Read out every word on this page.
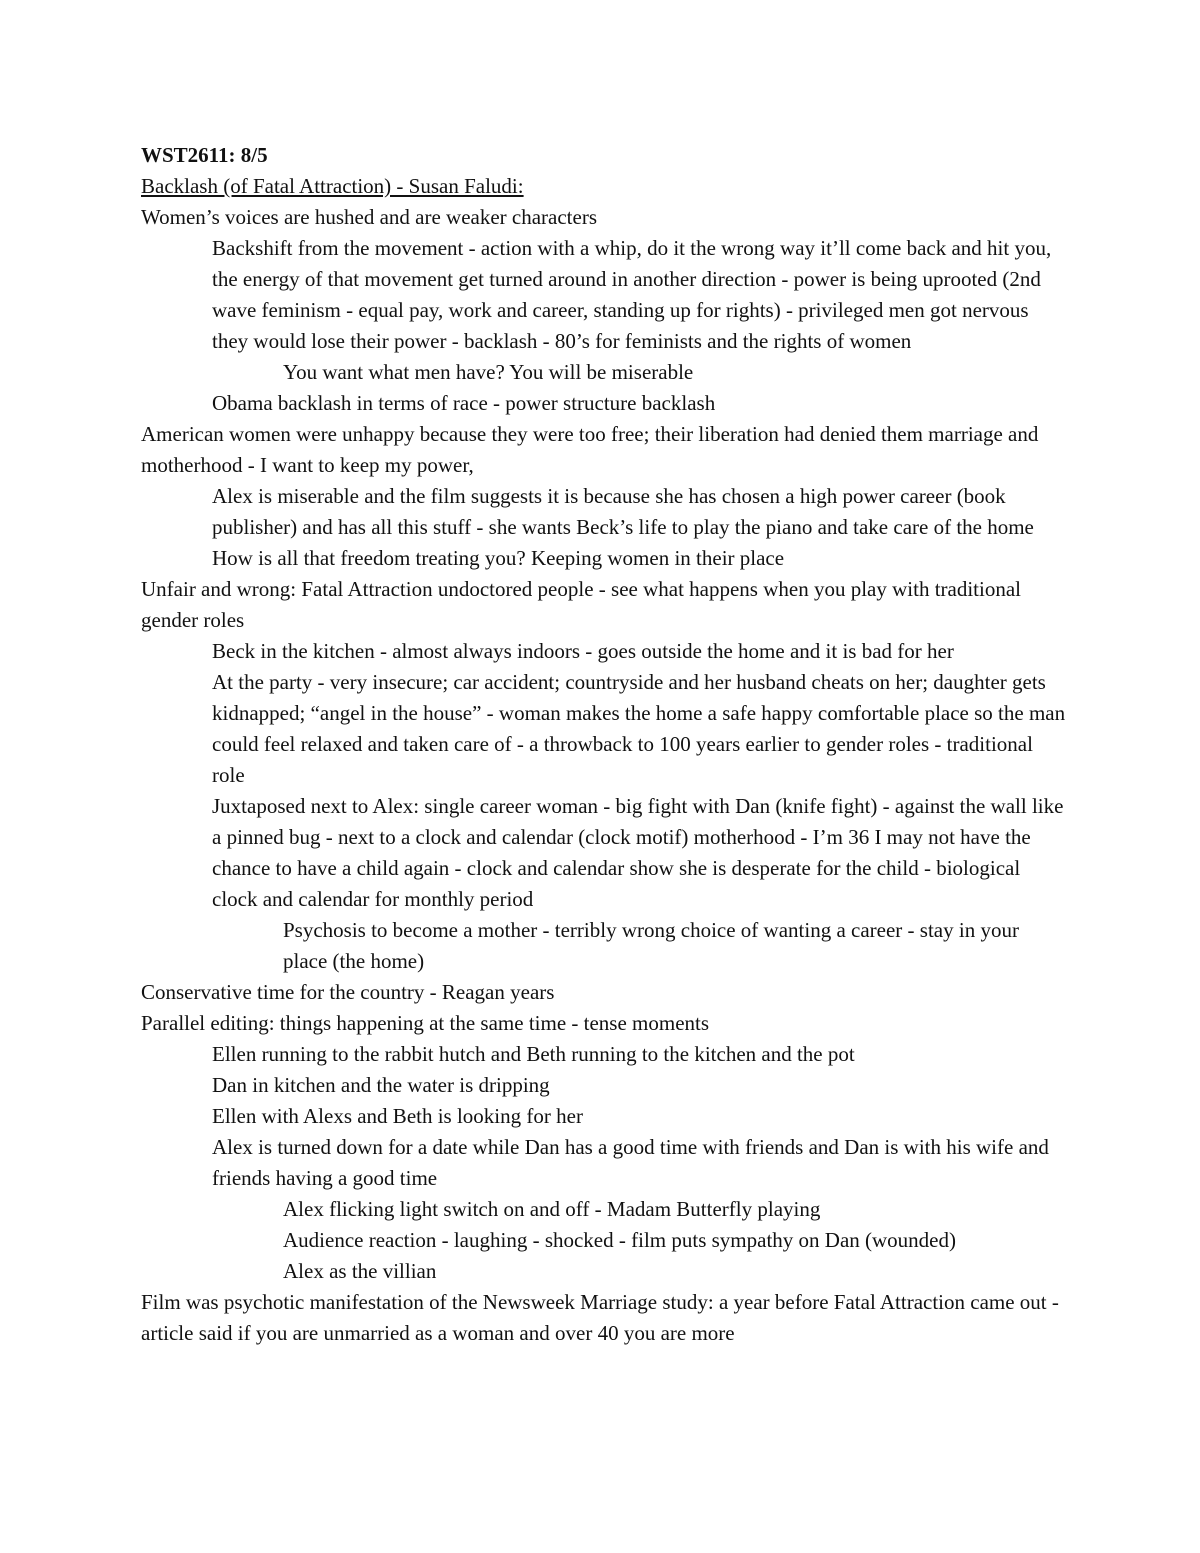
WST2611: 8/5

Backlash (of Fatal Attraction) - Susan Faludi:

Women’s voices are hushed and are weaker characters

Backshift from the movement - action with a whip, do it the wrong way it’ll come back and hit you, the energy of that movement get turned around in another direction - power is being uprooted (2nd wave feminism - equal pay, work and career, standing up for rights) - privileged men got nervous they would lose their power - backlash - 80’s for feminists and the rights of women

You want what men have? You will be miserable

Obama backlash in terms of race - power structure backlash

American women were unhappy because they were too free; their liberation had denied them marriage and motherhood - I want to keep my power,

Alex is miserable and the film suggests it is because she has chosen a high power career (book publisher) and has all this stuff - she wants Beck’s life to play the piano and take care of the home

How is all that freedom treating you? Keeping women in their place

Unfair and wrong: Fatal Attraction undoctored people - see what happens when you play with traditional gender roles

Beck in the kitchen - almost always indoors - goes outside the home and it is bad for her

At the party - very insecure; car accident; countryside and her husband cheats on her; daughter gets kidnapped; “angel in the house” - woman makes the home a safe happy comfortable place so the man could feel relaxed and taken care of - a throwback to 100 years earlier to gender roles - traditional role

Juxtaposed next to Alex: single career woman - big fight with Dan (knife fight) - against the wall like a pinned bug - next to a clock and calendar (clock motif) motherhood - I’m 36 I may not have the chance to have a child again - clock and calendar show she is desperate for the child - biological clock and calendar for monthly period

Psychosis to become a mother - terribly wrong choice of wanting a career - stay in your place (the home)

Conservative time for the country - Reagan years

Parallel editing: things happening at the same time - tense moments

Ellen running to the rabbit hutch and Beth running to the kitchen and the pot

Dan in kitchen and the water is dripping

Ellen with Alexs and Beth is looking for her

Alex is turned down for a date while Dan has a good time with friends and Dan is with his wife and friends having a good time

Alex flicking light switch on and off - Madam Butterfly playing

Audience reaction - laughing - shocked - film puts sympathy on Dan (wounded)

Alex as the villian

Film was psychotic manifestation of the Newsweek Marriage study: a year before Fatal Attraction came out - article said if you are unmarried as a woman and over 40 you are more
